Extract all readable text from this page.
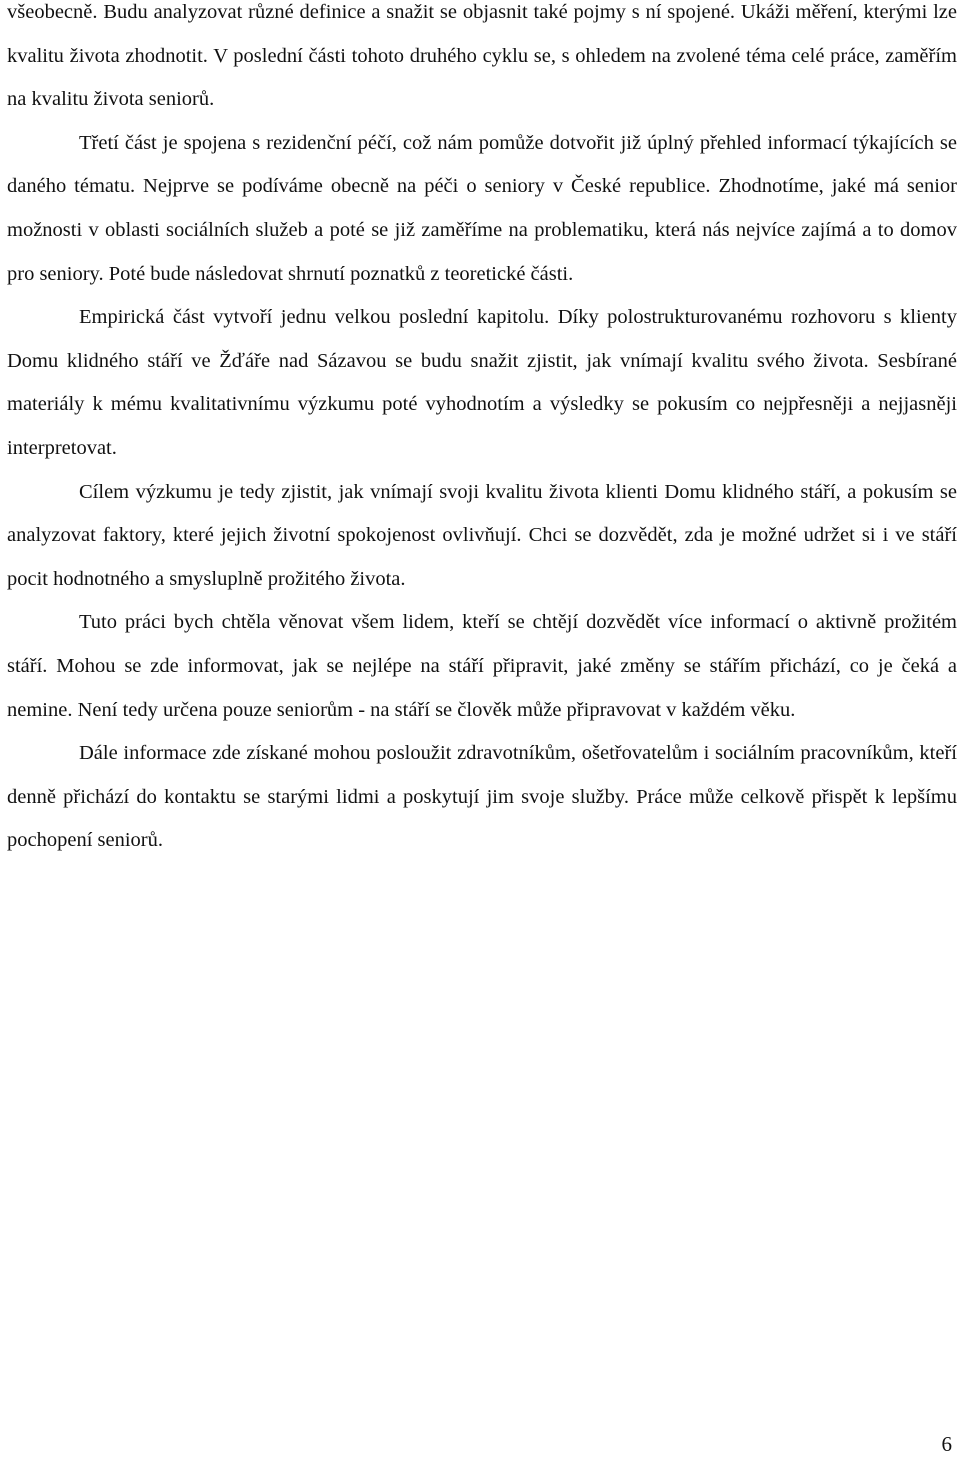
všeobecně. Budu analyzovat různé definice a snažit se objasnit také pojmy s ní spojené. Ukáži měření, kterými lze kvalitu života zhodnotit. V poslední části tohoto druhého cyklu se, s ohledem na zvolené téma celé práce, zaměřím na kvalitu života seniorů.

Třetí část je spojena s rezidenční péčí, což nám pomůže dotvořit již úplný přehled informací týkajících se daného tématu. Nejprve se podíváme obecně na péči o seniory v České republice. Zhodnotíme, jaké má senior možnosti v oblasti sociálních služeb a poté se již zaměříme na problematiku, která nás nejvíce zajímá a to domov pro seniory. Poté bude následovat shrnutí poznatků z teoretické části.

Empirická část vytvoří jednu velkou poslední kapitolu. Díky polostrukturovanému rozhovoru s klienty Domu klidného stáří ve Žďáře nad Sázavou se budu snažit zjistit, jak vnímají kvalitu svého života. Sesbírané materiály k mému kvalitativnímu výzkumu poté vyhodnotím a výsledky se pokusím co nejpřesněji a nejjasněji interpretovat.

Cílem výzkumu je tedy zjistit, jak vnímají svoji kvalitu života klienti Domu klidného stáří, a pokusím se analyzovat faktory, které jejich životní spokojenost ovlivňují. Chci se dozvědět, zda je možné udržet si i ve stáří pocit hodnotného a smysluplně prožitého života.

Tuto práci bych chtěla věnovat všem lidem, kteří se chtějí dozvědět více informací o aktivně prožitém stáří. Mohou se zde informovat, jak se nejlépe na stáří připravit, jaké změny se stářím přichází, co je čeká a nemine. Není tedy určena pouze seniorům - na stáří se člověk může připravovat v každém věku.

Dále informace zde získané mohou posloužit zdravotníkům, ošetřovatelům i sociálním pracovníkům, kteří denně přichází do kontaktu se starými lidmi a poskytují jim svoje služby. Práce může celkově přispět k lepšímu pochopení seniorů.

6
